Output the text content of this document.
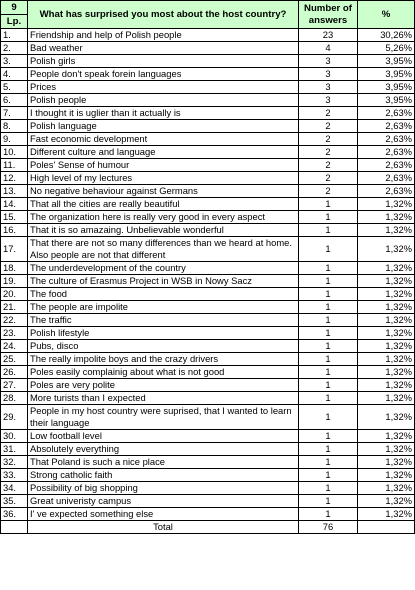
9	What has surprised you most about the host country?	Number of answers	%
Lp.			
1.	Friendship and help of Polish people	23	30,26%
2.	Bad weather	4	5,26%
3.	Polish girls	3	3,95%
4.	People don't speak forein languages	3	3,95%
5.	Prices	3	3,95%
6.	Polish people	3	3,95%
7.	I thought it is uglier than it actually is	2	2,63%
8.	Polish language	2	2,63%
9.	Fast economic development	2	2,63%
10.	Different culture and language	2	2,63%
11.	Poles' Sense of humour	2	2,63%
12.	High level of my lectures	2	2,63%
13.	No negative behaviour against Germans	2	2,63%
14.	That all the cities are really beautiful	1	1,32%
15.	The organization here is really very good in every aspect	1	1,32%
16.	That it is so amazaing. Unbelievable wonderful	1	1,32%
17.	That there are not so many differences than we heard at home. Also people are not that different	1	1,32%
18.	The underdevelopment of the country	1	1,32%
19.	The culture of Erasmus Project in WSB in Nowy Sacz	1	1,32%
20.	The food	1	1,32%
21.	The people are impolite	1	1,32%
22.	The traffic	1	1,32%
23.	Polish lifestyle	1	1,32%
24.	Pubs, disco	1	1,32%
25.	The really impolite boys and the crazy drivers	1	1,32%
26.	Poles easily complainig about what is not good	1	1,32%
27.	Poles are very polite	1	1,32%
28.	More turists than I expected	1	1,32%
29.	People in my host country were suprised, that I wanted to learn their language	1	1,32%
30.	Low football level	1	1,32%
31.	Absolutely everything	1	1,32%
32.	That Poland is such a nice place	1	1,32%
33.	Strong catholic faith	1	1,32%
34.	Possibility of big shopping	1	1,32%
35.	Great univeristy campus	1	1,32%
36.	I' ve expected something else	1	1,32%
	Total	76	
